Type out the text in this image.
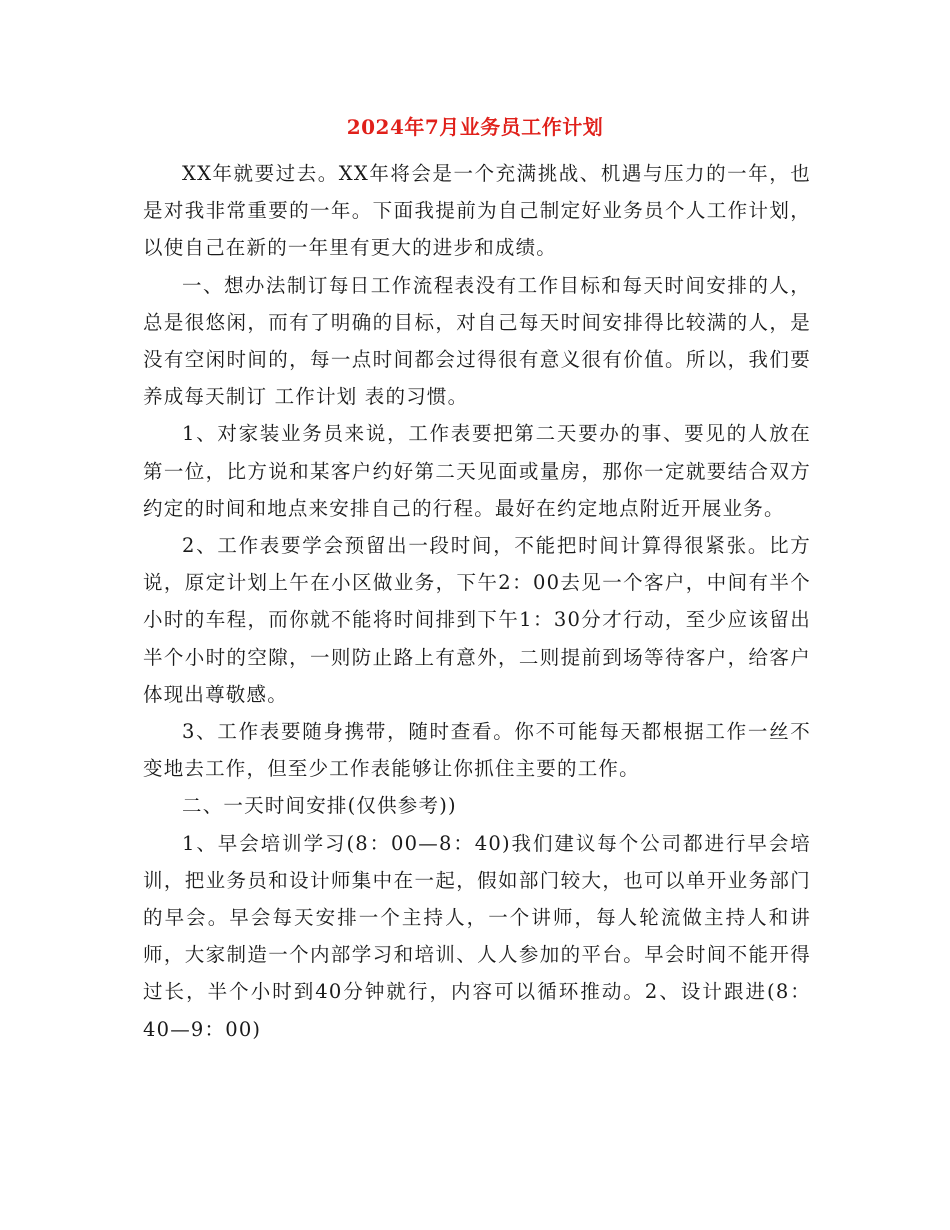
2024年7月业务员工作计划

XX年就要过去。XX年将会是一个充满挑战、机遇与压力的一年，也是对我非常重要的一年。下面我提前为自己制定好业务员个人工作计划，以使自己在新的一年里有更大的进步和成绩。

一、想办法制订每日工作流程表没有工作目标和每天时间安排的人，总是很悠闲，而有了明确的目标，对自己每天时间安排得比较满的人，是没有空闲时间的，每一点时间都会过得很有意义很有价值。所以，我们要养成每天制订 工作计划 表的习惯。

1、对家装业务员来说，工作表要把第二天要办的事、要见的人放在第一位，比方说和某客户约好第二天见面或量房，那你一定就要结合双方约定的时间和地点来安排自己的行程。最好在约定地点附近开展业务。

2、工作表要学会预留出一段时间，不能把时间计算得很紧张。比方说，原定计划上午在小区做业务，下午2：00去见一个客户，中间有半个小时的车程，而你就不能将时间排到下午1：30分才行动，至少应该留出半个小时的空隙，一则防止路上有意外，二则提前到场等待客户，给客户体现出尊敬感。

3、工作表要随身携带，随时查看。你不可能每天都根据工作一丝不变地去工作，但至少工作表能够让你抓住主要的工作。

二、一天时间安排(仅供参考))

1、早会培训学习(8：00—8：40)我们建议每个公司都进行早会培训，把业务员和设计师集中在一起，假如部门较大，也可以单开业务部门的早会。早会每天安排一个主持人，一个讲师，每人轮流做主持人和讲师，大家制造一个内部学习和培训、人人参加的平台。早会时间不能开得过长，半个小时到40分钟就行，内容可以循环推动。2、设计跟进(8：40—9：00)
